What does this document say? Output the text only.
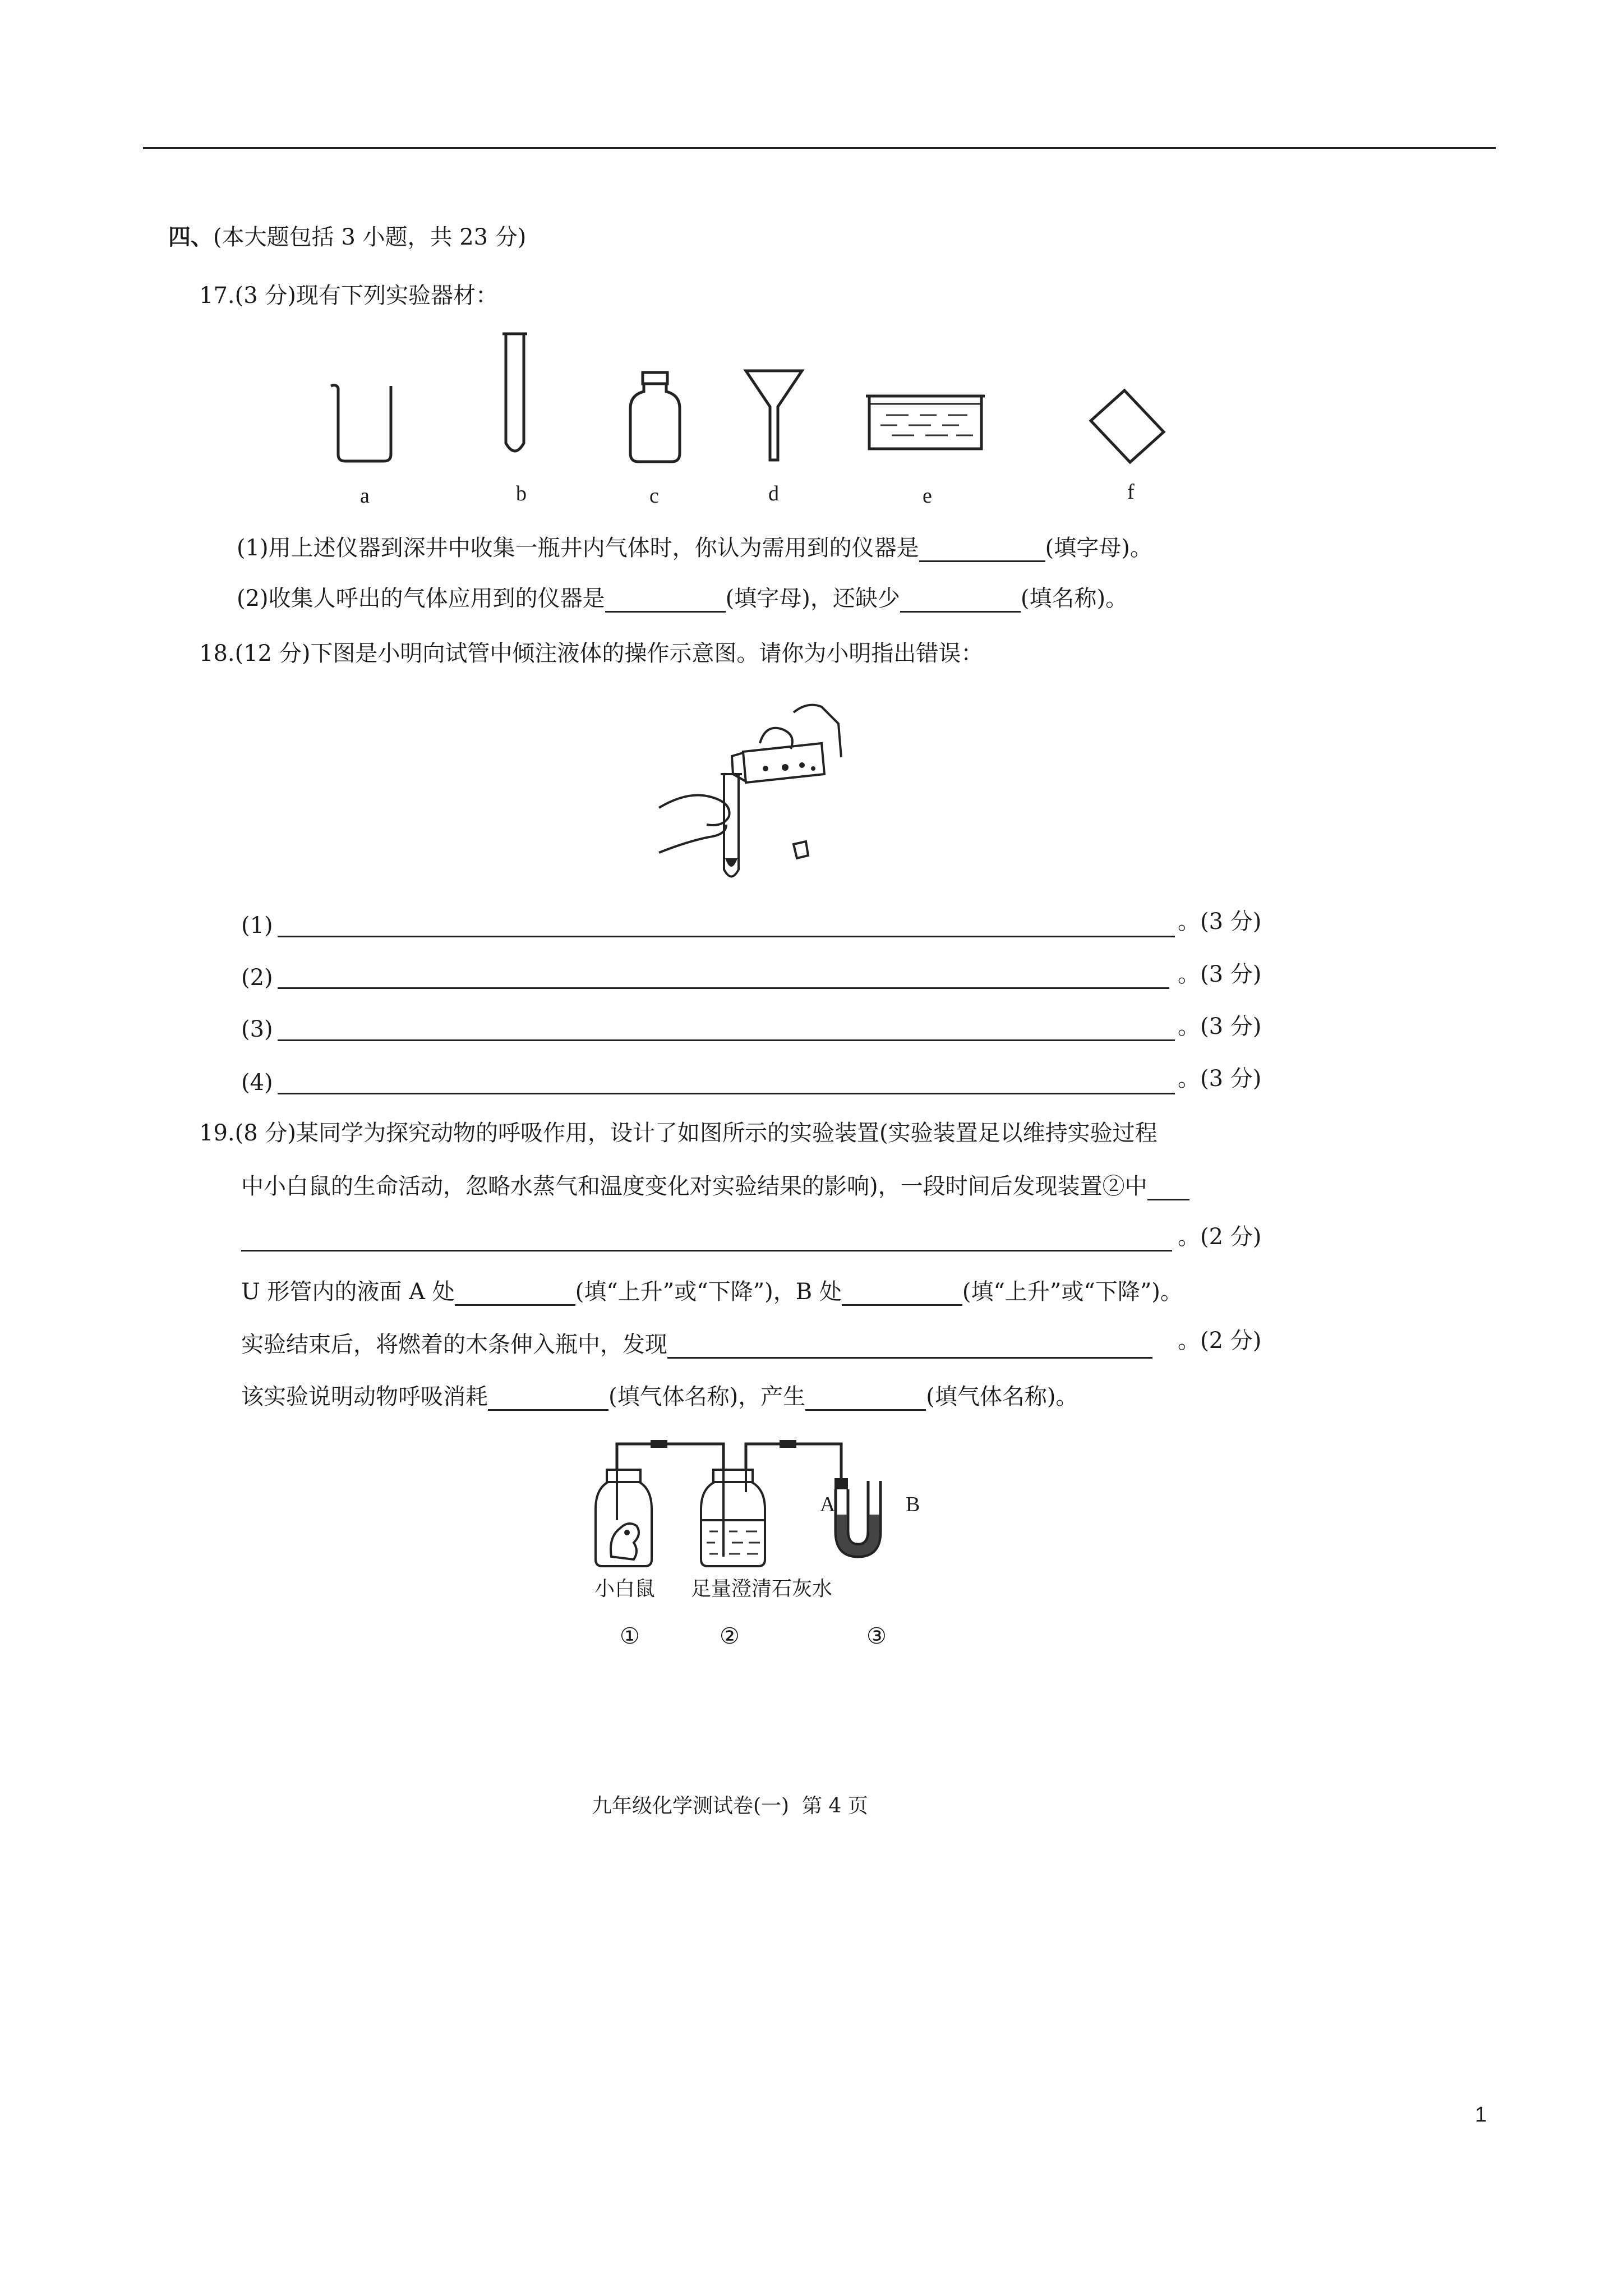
四、(本大题包括 3 小题，共 23 分)
17.(3 分)现有下列实验器材：
a	b	c	d	e	f
(1)用上述仪器到深井中收集一瓶井内气体时，你认为需用到的仪器是	(填字母)。
(2)收集人呼出的气体应用到的仪器是	(填字母)，还缺少	(填名称)。
18.(12 分)下图是小明向试管中倾注液体的操作示意图。请你为小明指出错误：
(1)	。(3 分)
(2)	。(3 分)
(3)	。(3 分)
(4)	。(3 分)
19.(8 分)某同学为探究动物的呼吸作用，设计了如图所示的实验装置(实验装置足以维持实验过程
中小白鼠的生命活动，忽略水蒸气和温度变化对实验结果的影响)，一段时间后发现装置②中
。(2 分)
U 形管内的液面 A 处	(填“上升”或“下降”)，B 处	(填“上升”或“下降”)。
实验结束后，将燃着的木条伸入瓶中，发现	。(2 分)
该实验说明动物呼吸消耗	(填气体名称)，产生	(填气体名称)。
A	B
小白鼠 足量澄清石灰水
①	②	③
九年级化学测试卷(一)  第 4 页
1
